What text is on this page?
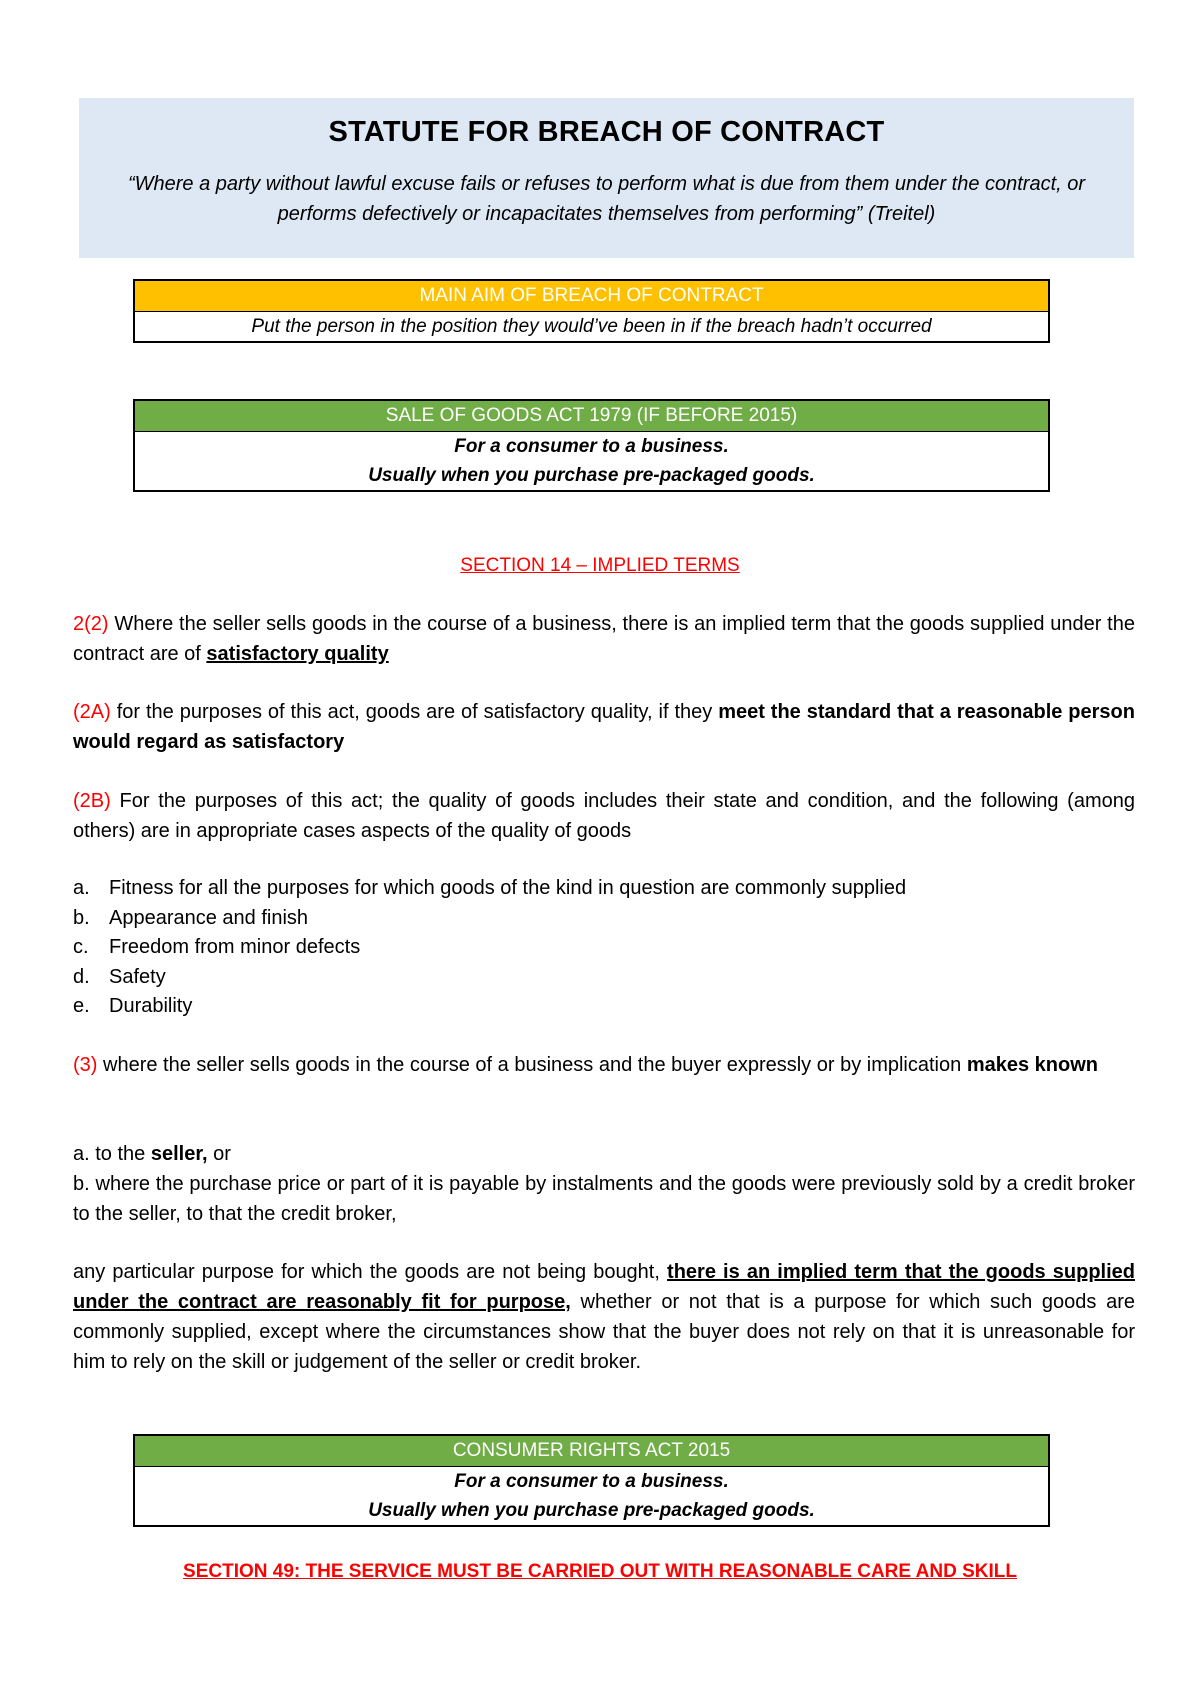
STATUTE FOR BREACH OF CONTRACT
“Where a party without lawful excuse fails or refuses to perform what is due from them under the contract, or performs defectively or incapacitates themselves from performing” (Treitel)
MAIN AIM OF BREACH OF CONTRACT
Put the person in the position they would’ve been in if the breach hadn’t occurred
SALE OF GOODS ACT 1979 (IF BEFORE 2015)
For a consumer to a business.
Usually when you purchase pre-packaged goods.
SECTION 14 – IMPLIED TERMS
2(2) Where the seller sells goods in the course of a business, there is an implied term that the goods supplied under the contract are of satisfactory quality
(2A) for the purposes of this act, goods are of satisfactory quality, if they meet the standard that a reasonable person would regard as satisfactory
(2B) For the purposes of this act; the quality of goods includes their state and condition, and the following (among others) are in appropriate cases aspects of the quality of goods
a. Fitness for all the purposes for which goods of the kind in question are commonly supplied
b. Appearance and finish
c.	Freedom from minor defects
d. Safety
e. Durability
(3) where the seller sells goods in the course of a business and the buyer expressly or by implication makes known
a. to the seller, or
b. where the purchase price or part of it is payable by instalments and the goods were previously sold by a credit broker to the seller, to that the credit broker,
any particular purpose for which the goods are not being bought, there is an implied term that the goods supplied under the contract are reasonably fit for purpose, whether or not that is a purpose for which such goods are commonly supplied, except where the circumstances show that the buyer does not rely on that it is unreasonable for him to rely on the skill or judgement of the seller or credit broker.
CONSUMER RIGHTS ACT 2015
For a consumer to a business.
Usually when you purchase pre-packaged goods.
SECTION 49: THE SERVICE MUST BE CARRIED OUT WITH REASONABLE CARE AND SKILL
